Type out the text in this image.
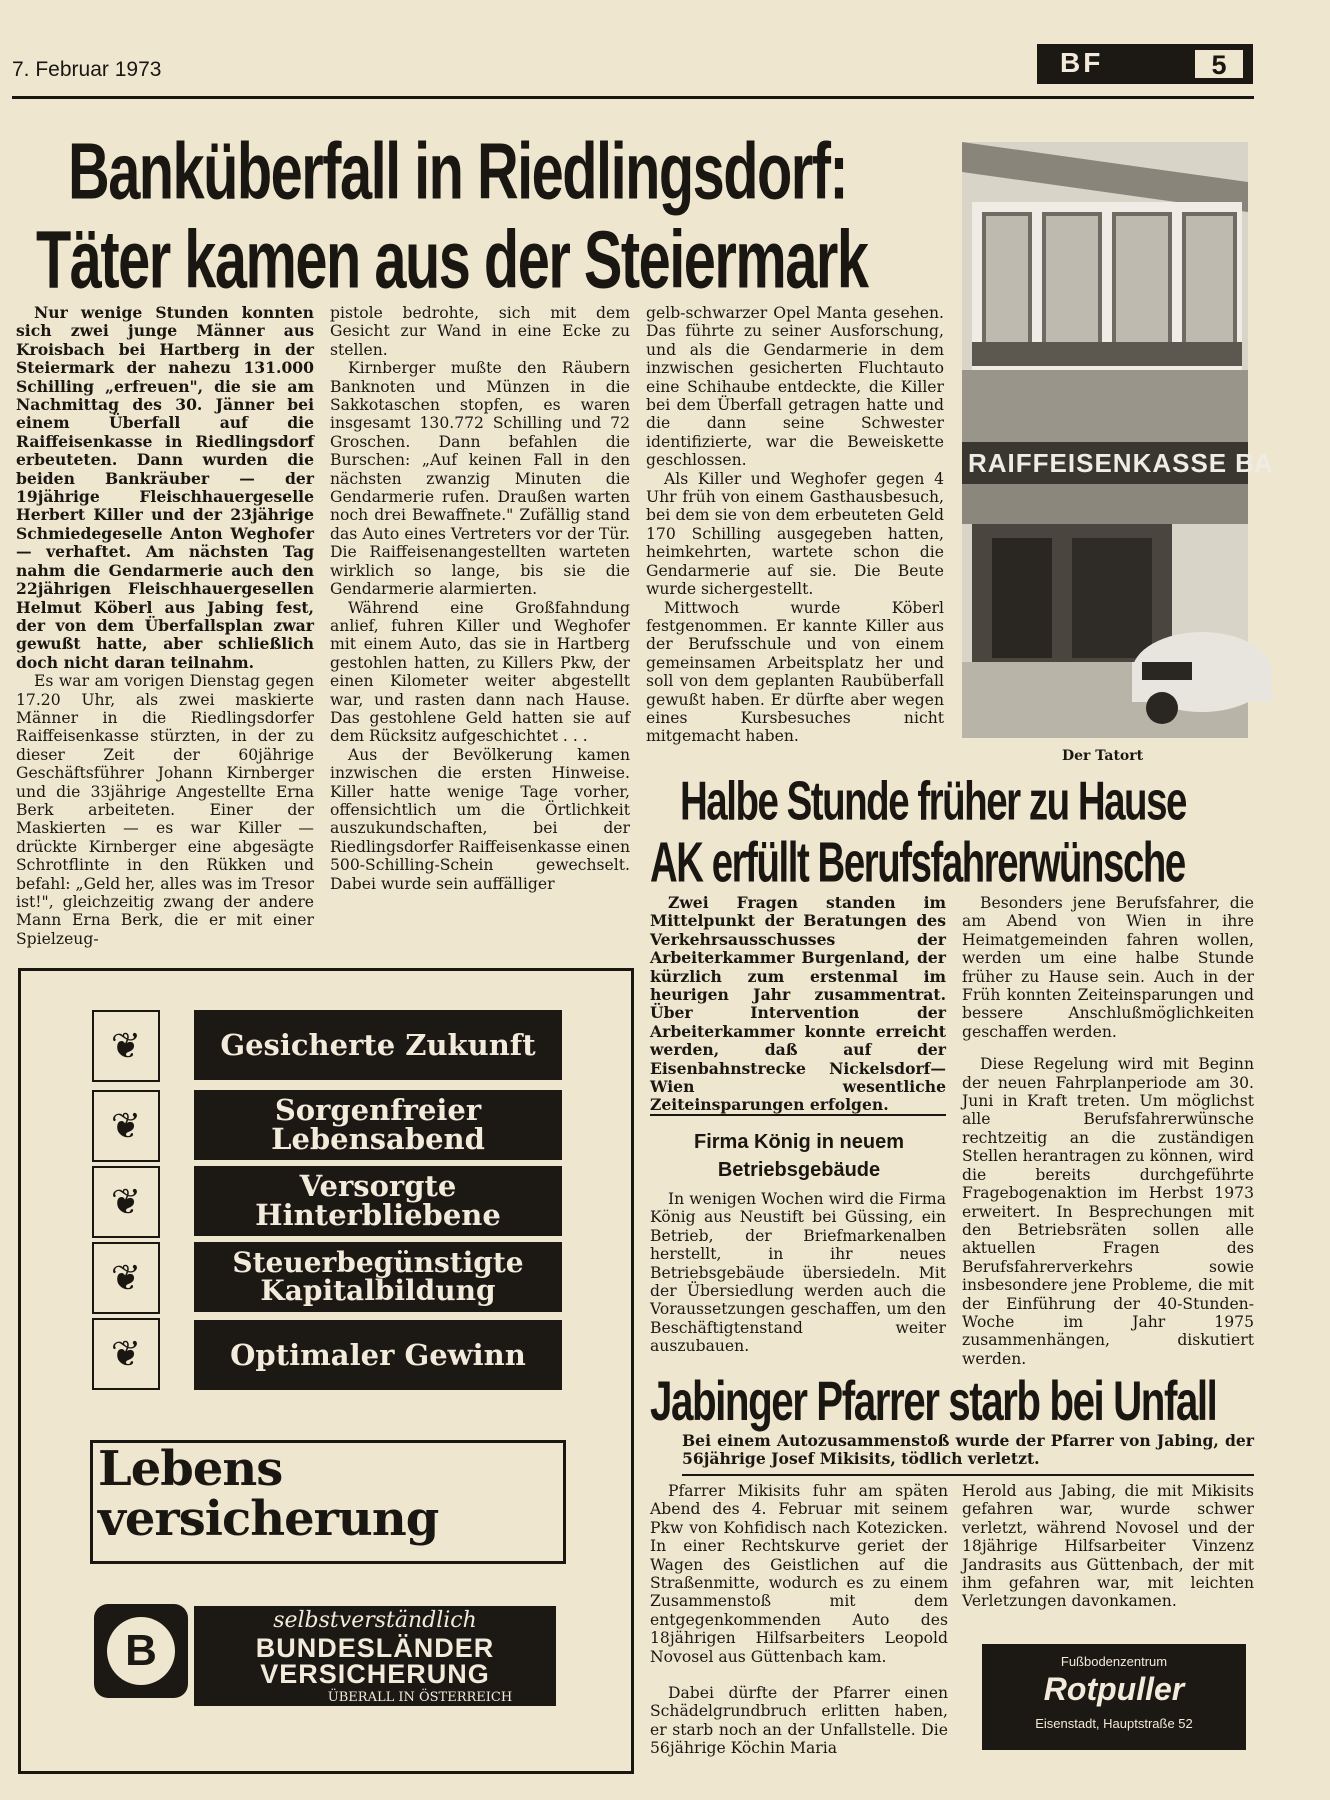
7. Februar 1973	BF	5
Banküberfall in Riedlingsdorf:
Täter kamen aus der Steiermark

Nur wenige Stunden konnten sich zwei junge Männer aus Kroisbach bei Hartberg in der Steiermark der nahezu 131.000 Schilling „erfreuen", die sie am Nachmittag des 30. Jänner bei einem Überfall auf die Raiffeisenkasse in Riedlingsdorf erbeuteten. Dann wurden die beiden Bankräuber — der 19jährige Fleischhauergeselle Herbert Killer und der 23jährige Schmiedegeselle Anton Weghofer — verhaftet. Am nächsten Tag nahm die Gendarmerie auch den 22jährigen Fleischhauergesellen Helmut Köberl aus Jabing fest, der von dem Überfallsplan zwar gewußt hatte, aber schließlich doch nicht daran teilnahm.

Es war am vorigen Dienstag gegen 17.20 Uhr, als zwei maskierte Männer in die Riedlingsdorfer Raiffeisenkasse stürzten, in der zu dieser Zeit der 60jährige Geschäftsführer Johann Kirnberger und die 33jährige Angestellte Erna Berk arbeiteten. Einer der Maskierten — es war Killer — drückte Kirnberger eine abgesägte Schrotflinte in den Rükken und befahl: „Geld her, alles was im Tresor ist!", gleichzeitig zwang der andere Mann Erna Berk, die er mit einer Spielzeug-

pistole bedrohte, sich mit dem Gesicht zur Wand in eine Ecke zu stellen.

Kirnberger mußte den Räubern Banknoten und Münzen in die Sakkotaschen stopfen, es waren insgesamt 130.772 Schilling und 72 Groschen. Dann befahlen die Burschen: „Auf keinen Fall in den nächsten zwanzig Minuten die Gendarmerie rufen. Draußen warten noch drei Bewaffnete." Zufällig stand das Auto eines Vertreters vor der Tür. Die Raiffeisenangestellten warteten wirklich so lange, bis sie die Gendarmerie alarmierten.

Während eine Großfahndung anlief, fuhren Killer und Weghofer mit einem Auto, das sie in Hartberg gestohlen hatten, zu Killers Pkw, der einen Kilometer weiter abgestellt war, und rasten dann nach Hause. Das gestohlene Geld hatten sie auf dem Rücksitz aufgeschichtet . . .

Aus der Bevölkerung kamen inzwischen die ersten Hinweise. Killer hatte wenige Tage vorher, offensichtlich um die Örtlichkeit auszukundschaften, bei der Riedlingsdorfer Raiffeisenkasse einen 500-Schilling-Schein gewechselt. Dabei wurde sein auffälliger

gelb-schwarzer Opel Manta gesehen. Das führte zu seiner Ausforschung, und als die Gendarmerie in dem inzwischen gesicherten Fluchtauto eine Schihaube entdeckte, die Killer bei dem Überfall getragen hatte und die dann seine Schwester identifizierte, war die Beweiskette geschlossen.

Als Killer und Weghofer gegen 4 Uhr früh von einem Gasthausbesuch, bei dem sie von dem erbeuteten Geld 170 Schilling ausgegeben hatten, heimkehrten, wartete schon die Gendarmerie auf sie. Die Beute wurde sichergestellt.

Mittwoch wurde Köberl festgenommen. Er kannte Killer aus der Berufsschule und von einem gemeinsamen Arbeitsplatz her und soll von dem geplanten Raubüberfall gewußt haben. Er dürfte aber wegen eines Kursbesuches nicht mitgemacht haben.

RAIFFEISENKASSE BA
Der Tatort
Halbe Stunde früher zu Hause
AK erfüllt Berufsfahrerwünsche

Zwei Fragen standen im Mittelpunkt der Beratungen des Verkehrsausschusses der Arbeiterkammer Burgenland, der kürzlich zum erstenmal im heurigen Jahr zusammentrat. Über Intervention der Arbeiterkammer konnte erreicht werden, daß auf der Eisenbahnstrecke Nickelsdorf—Wien wesentliche Zeiteinsparungen erfolgen.

Besonders jene Berufsfahrer, die am Abend von Wien in ihre Heimatgemeinden fahren wollen, werden um eine halbe Stunde früher zu Hause sein. Auch in der Früh konnten Zeiteinsparungen und bessere Anschlußmöglichkeiten geschaffen werden.

Diese Regelung wird mit Beginn der neuen Fahrplanperiode am 30. Juni in Kraft treten. Um möglichst alle Berufsfahrerwünsche rechtzeitig an die zuständigen Stellen herantragen zu können, wird die bereits durchgeführte Fragebogenaktion im Herbst 1973 erweitert. In Besprechungen mit den Betriebsräten sollen alle aktuellen Fragen des Berufsfahrerverkehrs sowie insbesondere jene Probleme, die mit der Einführung der 40-Stunden-Woche im Jahr 1975 zusammenhängen, diskutiert werden.

Firma König in neuem Betriebsgebäude

In wenigen Wochen wird die Firma König aus Neustift bei Güssing, ein Betrieb, der Briefmarkenalben herstellt, in ihr neues Betriebsgebäude übersiedeln. Mit der Übersiedlung werden auch die Voraussetzungen geschaffen, um den Beschäftigtenstand weiter auszubauen.

Jabinger Pfarrer starb bei Unfall

Bei einem Autozusammenstoß wurde der Pfarrer von Jabing, der 56jährige Josef Mikisits, tödlich verletzt.

Pfarrer Mikisits fuhr am späten Abend des 4. Februar mit seinem Pkw von Kohfidisch nach Kotezicken. In einer Rechtskurve geriet der Wagen des Geistlichen auf die Straßenmitte, wodurch es zu einem Zusammenstoß mit dem entgegenkommenden Auto des 18jährigen Hilfsarbeiters Leopold Novosel aus Güttenbach kam.

Dabei dürfte der Pfarrer einen Schädelgrundbruch erlitten haben, er starb noch an der Unfallstelle. Die 56jährige Köchin Maria

Herold aus Jabing, die mit Mikisits gefahren war, wurde schwer verletzt, während Novosel und der 18jährige Hilfsarbeiter Vinzenz Jandrasits aus Güttenbach, der mit ihm gefahren war, mit leichten Verletzungen davonkamen.

Fußbodenzentrum
Rotpuller
Eisenstadt, Hauptstraße 52
❦	Gesicherte Zukunft
❦	Sorgenfreier Lebensabend
❦	Versorgte Hinterbliebene
❦	Steuerbegünstigte Kapitalbildung
❦	Optimaler Gewinn
Lebens versicherung
B
selbstverständlich
BUNDESLÄNDER VERSICHERUNG
ÜBERALL IN ÖSTERREICH
